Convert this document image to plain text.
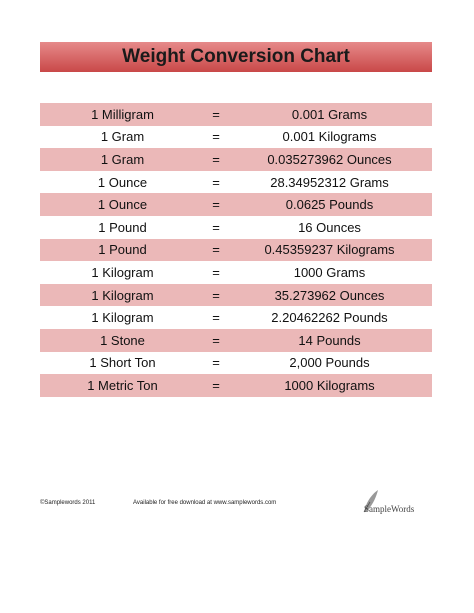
Weight Conversion Chart
1 Milligram	=	0.001 Grams
1 Gram	=	0.001 Kilograms
1 Gram	=	0.035273962 Ounces
1 Ounce	=	28.34952312 Grams
1 Ounce	=	0.0625 Pounds
1 Pound	=	16 Ounces
1 Pound	=	0.45359237 Kilograms
1 Kilogram	=	1000 Grams
1 Kilogram	=	35.273962 Ounces
1 Kilogram	=	2.20462262 Pounds
1 Stone	=	14 Pounds
1 Short Ton	=	2,000 Pounds
1 Metric Ton	=	1000 Kilograms
©Samplewords 2011	Available for free download at www.samplewords.com
SampleWords
